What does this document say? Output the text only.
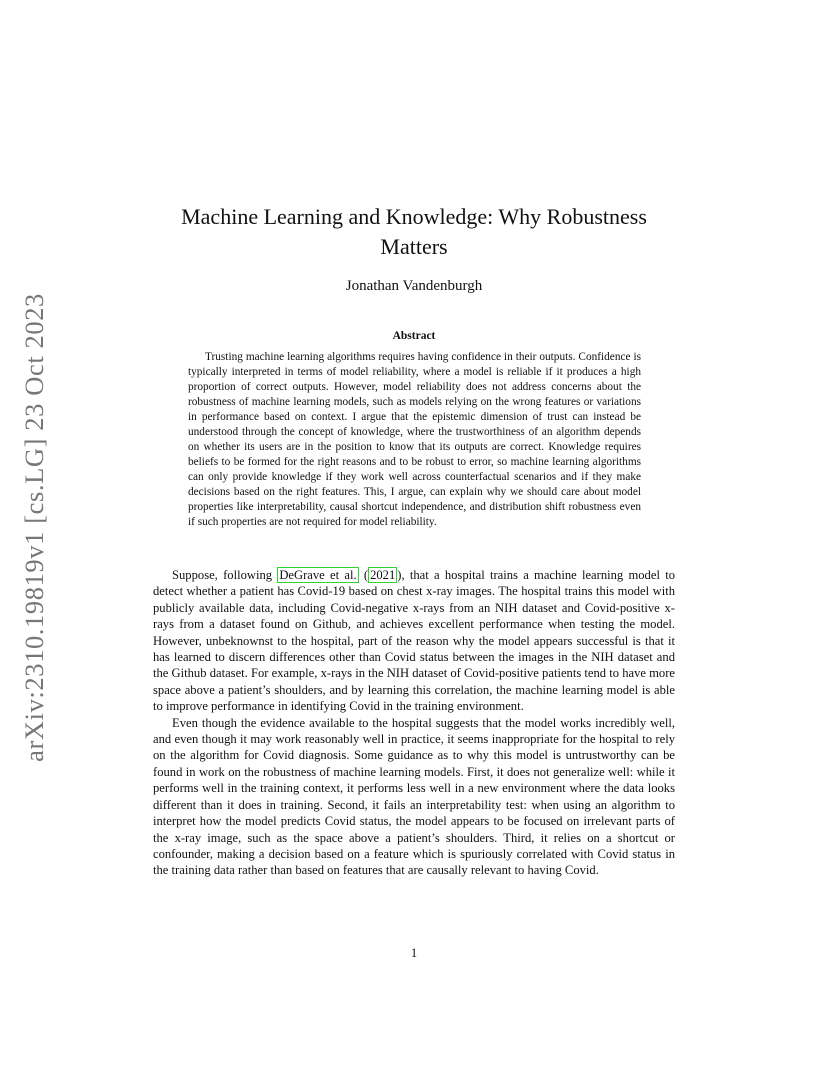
arXiv:2310.19819v1 [cs.LG] 23 Oct 2023
Machine Learning and Knowledge: Why Robustness Matters

Jonathan Vandenburgh

Abstract

Trusting machine learning algorithms requires having confidence in their outputs. Confidence is typically interpreted in terms of model reliability, where a model is reliable if it produces a high proportion of correct outputs. However, model reliability does not address concerns about the robustness of machine learning models, such as models relying on the wrong features or variations in performance based on context. I argue that the epistemic dimension of trust can instead be understood through the concept of knowledge, where the trustworthiness of an algorithm depends on whether its users are in the position to know that its outputs are correct. Knowledge requires beliefs to be formed for the right reasons and to be robust to error, so machine learning algorithms can only provide knowledge if they work well across counterfactual scenarios and if they make decisions based on the right features. This, I argue, can explain why we should care about model properties like interpretability, causal shortcut independence, and distribution shift robustness even if such properties are not required for model reliability.

Suppose, following DeGrave et al. ( 2021 ), that a hospital trains a machine learning model to detect whether a patient has Covid-19 based on chest x-ray images. The hospital trains this model with publicly available data, including Covid-negative x-rays from an NIH dataset and Covid-positive x-rays from a dataset found on Github, and achieves excellent performance when testing the model. However, unbeknownst to the hospital, part of the reason why the model appears successful is that it has learned to discern differences other than Covid status between the images in the NIH dataset and the Github dataset. For example, x-rays in the NIH dataset of Covid-positive patients tend to have more space above a patient’s shoulders, and by learning this correlation, the machine learning model is able to improve performance in identifying Covid in the training environment.

Even though the evidence available to the hospital suggests that the model works incredibly well, and even though it may work reasonably well in practice, it seems inappropriate for the hospital to rely on the algorithm for Covid diagnosis. Some guidance as to why this model is untrustworthy can be found in work on the robustness of machine learning models. First, it does not generalize well: while it performs well in the training context, it performs less well in a new environment where the data looks different than it does in training. Second, it fails an interpretability test: when using an algorithm to interpret how the model predicts Covid status, the model appears to be focused on irrelevant parts of the x-ray image, such as the space above a patient’s shoulders. Third, it relies on a shortcut or confounder, making a decision based on a feature which is spuriously correlated with Covid status in the training data rather than based on features that are causally relevant to having Covid.

1
